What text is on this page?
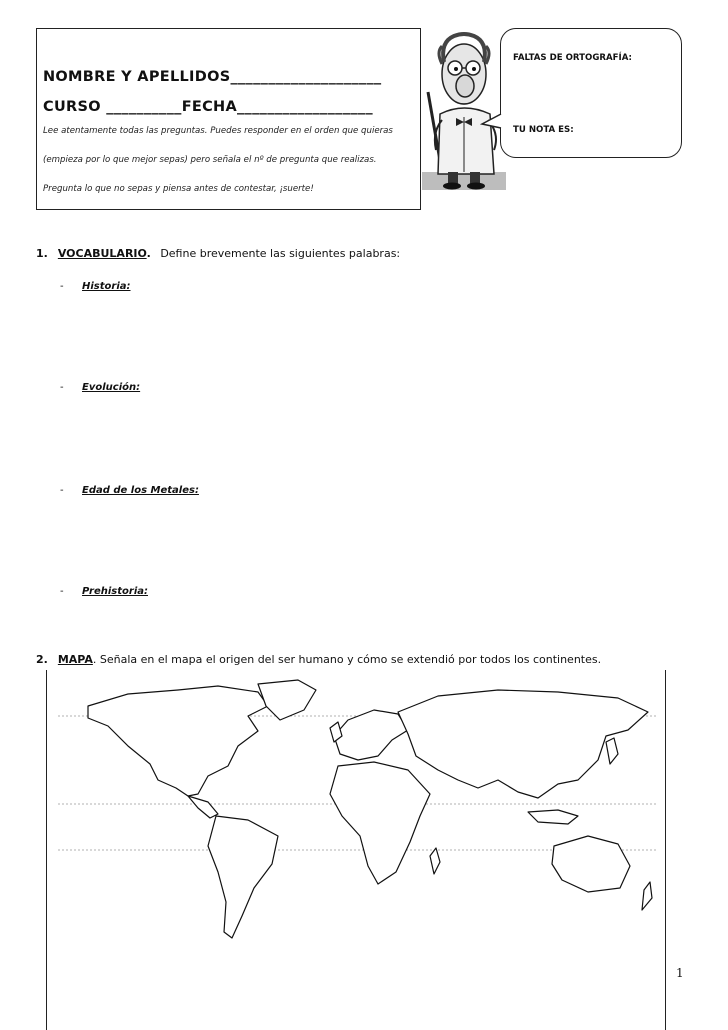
NOMBRE Y APELLIDOS____________________
CURSO __________FECHA__________________
Lee atentamente todas las preguntas. Puedes responder en el orden que quieras
(empieza por lo que mejor sepas) pero señala el nº de pregunta que realizas.
Pregunta lo que no sepas y piensa antes de contestar, ¡suerte!
FALTAS DE ORTOGRAFÍA:
TU NOTA ES:
1. VOCABULARIO. Define brevemente las siguientes palabras:
- Historia:
- Evolución:
- Edad de los Metales:
- Prehistoria:
2. MAPA. Señala en el mapa el origen del ser humano y cómo se extendió por todos los continentes.
1
